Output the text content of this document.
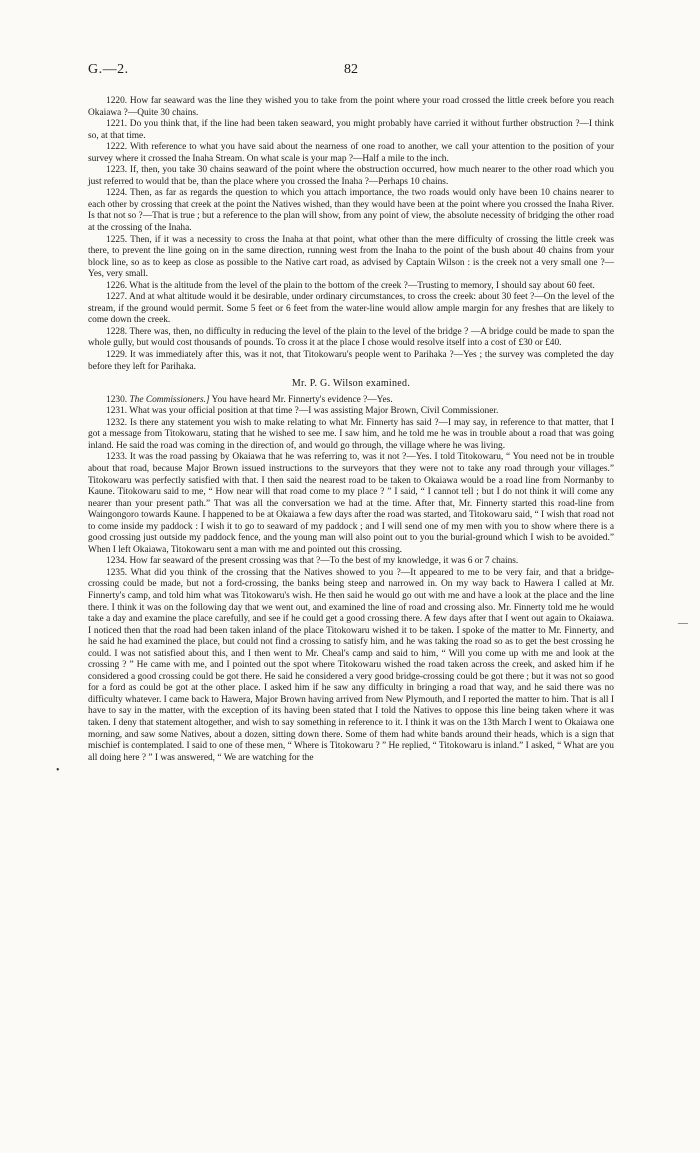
G.—2.	82

1220. How far seaward was the line they wished you to take from the point where your road crossed the little creek before you reach Okaiawa ?—Quite 30 chains.

1221. Do you think that, if the line had been taken seaward, you might probably have carried it without further obstruction ?—I think so, at that time.

1222. With reference to what you have said about the nearness of one road to another, we call your attention to the position of your survey where it crossed the Inaha Stream. On what scale is your map ?—Half a mile to the inch.

1223. If, then, you take 30 chains seaward of the point where the obstruction occurred, how much nearer to the other road which you just referred to would that be, than the place where you crossed the Inaha ?—Perhaps 10 chains.

1224. Then, as far as regards the question to which you attach importance, the two roads would only have been 10 chains nearer to each other by crossing that creek at the point the Natives wished, than they would have been at the point where you crossed the Inaha River. Is that not so ?—That is true ; but a reference to the plan will show, from any point of view, the absolute necessity of bridging the other road at the crossing of the Inaha.

1225. Then, if it was a necessity to cross the Inaha at that point, what other than the mere difficulty of crossing the little creek was there, to prevent the line going on in the same direction, running west from the Inaha to the point of the bush about 40 chains from your block line, so as to keep as close as possible to the Native cart road, as advised by Captain Wilson : is the creek not a very small one ?—Yes, very small.

1226. What is the altitude from the level of the plain to the bottom of the creek ?—Trusting to memory, I should say about 60 feet.

1227. And at what altitude would it be desirable, under ordinary circumstances, to cross the creek: about 30 feet ?—On the level of the stream, if the ground would permit. Some 5 feet or 6 feet from the water-line would allow ample margin for any freshes that are likely to come down the creek.

1228. There was, then, no difficulty in reducing the level of the plain to the level of the bridge ? —A bridge could be made to span the whole gully, but would cost thousands of pounds. To cross it at the place I chose would resolve itself into a cost of £30 or £40.

1229. It was immediately after this, was it not, that Titokowaru's people went to Parihaka ?—Yes ; the survey was completed the day before they left for Parihaka.

Mr. P. G. Wilson examined.

1230. The Commissioners.] You have heard Mr. Finnerty's evidence ?—Yes.

1231. What was your official position at that time ?—I was assisting Major Brown, Civil Commissioner.

1232. Is there any statement you wish to make relating to what Mr. Finnerty has said ?—I may say, in reference to that matter, that I got a message from Titokowaru, stating that he wished to see me. I saw him, and he told me he was in trouble about a road that was going inland. He said the road was coming in the direction of, and would go through, the village where he was living.

1233. It was the road passing by Okaiawa that he was referring to, was it not ?—Yes. I told Titokowaru, “ You need not be in trouble about that road, because Major Brown issued instructions to the surveyors that they were not to take any road through your villages.” Titokowaru was perfectly satisfied with that. I then said the nearest road to be taken to Okaiawa would be a road line from Normanby to Kaune. Titokowaru said to me, “ How near will that road come to my place ? ” I said, “ I cannot tell ; but I do not think it will come any nearer than your present path.” That was all the conversation we had at the time. After that, Mr. Finnerty started this road-line from Waingongoro towards Kaune. I happened to be at Okaiawa a few days after the road was started, and Titokowaru said, “ I wish that road not to come inside my paddock : I wish it to go to seaward of my paddock ; and I will send one of my men with you to show where there is a good crossing just outside my paddock fence, and the young man will also point out to you the burial-ground which I wish to be avoided.” When I left Okaiawa, Titokowaru sent a man with me and pointed out this crossing.

1234. How far seaward of the present crossing was that ?—To the best of my knowledge, it was 6 or 7 chains.

1235. What did you think of the crossing that the Natives showed to you ?—It appeared to me to be very fair, and that a bridge-crossing could be made, but not a ford-crossing, the banks being steep and narrowed in. On my way back to Hawera I called at Mr. Finnerty's camp, and told him what was Titokowaru's wish. He then said he would go out with me and have a look at the place and the line there. I think it was on the following day that we went out, and examined the line of road and crossing also. Mr. Finnerty told me he would take a day and examine the place carefully, and see if he could get a good crossing there. A few days after that I went out again to Okaiawa. I noticed then that the road had been taken inland of the place Titokowaru wished it to be taken. I spoke of the matter to Mr. Finnerty, and he said he had examined the place, but could not find a crossing to satisfy him, and he was taking the road so as to get the best crossing he could. I was not satisfied about this, and I then went to Mr. Cheal's camp and said to him, “ Will you come up with me and look at the crossing ? ” He came with me, and I pointed out the spot where Titokowaru wished the road taken across the creek, and asked him if he considered a good crossing could be got there. He said he considered a very good bridge-crossing could be got there ; but it was not so good for a ford as could be got at the other place. I asked him if he saw any difficulty in bringing a road that way, and he said there was no difficulty whatever. I came back to Hawera, Major Brown having arrived from New Plymouth, and I reported the matter to him. That is all I have to say in the matter, with the exception of its having been stated that I told the Natives to oppose this line being taken where it was taken. I deny that statement altogether, and wish to say something in reference to it. I think it was on the 13th March I went to Okaiawa one morning, and saw some Natives, about a dozen, sitting down there. Some of them had white bands around their heads, which is a sign that mischief is contemplated. I said to one of these men, “ Where is Titokowaru ? ” He replied, “ Titokowaru is inland.” I asked, “ What are you all doing here ? ” I was answered, “ We are watching for the

—
•
